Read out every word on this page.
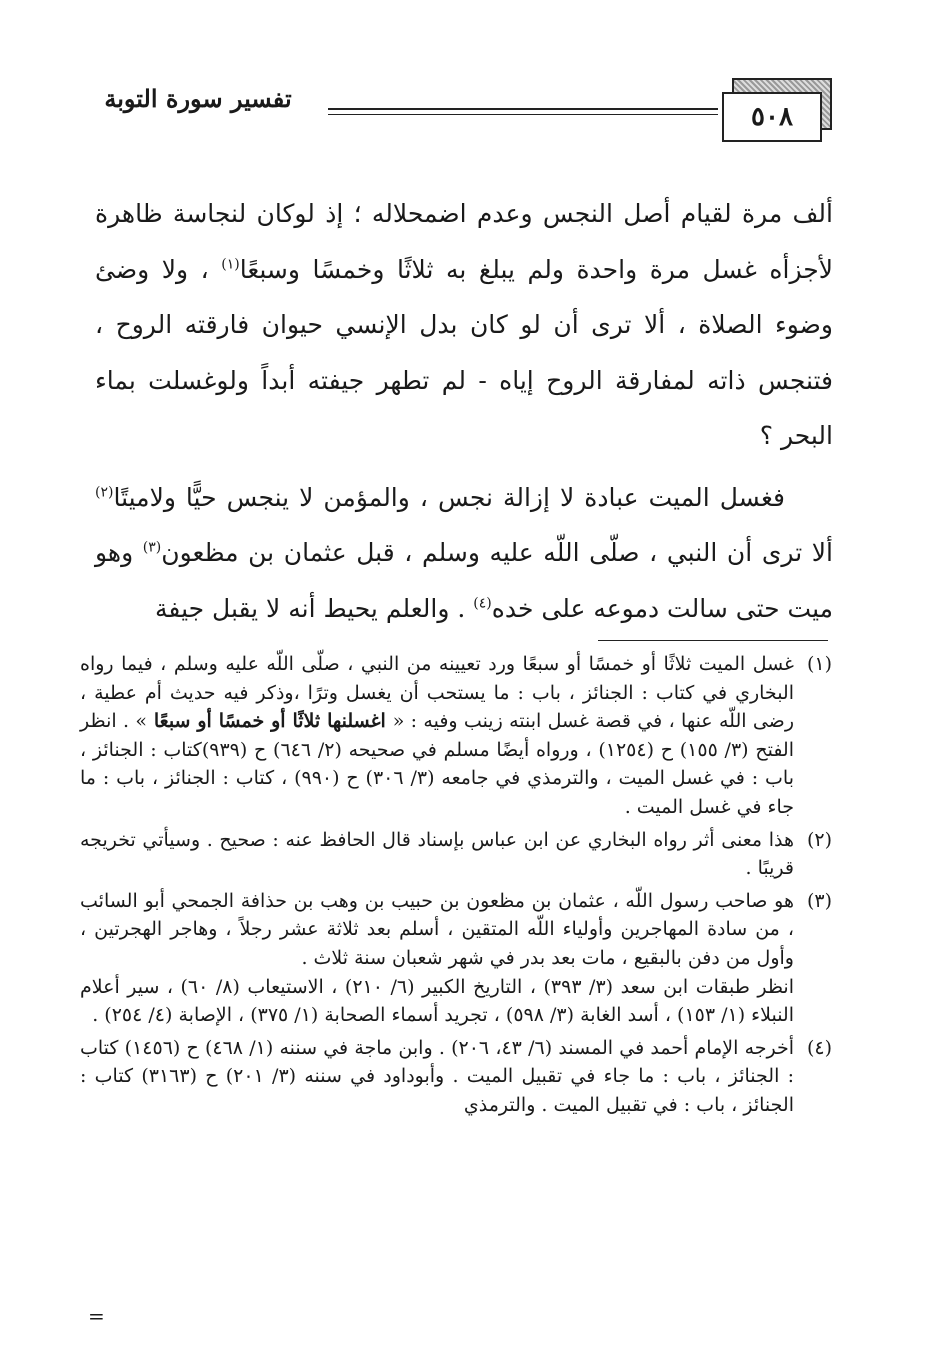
٥٠٨
تفسير سورة التوبة

ألف مرة لقيام أصل النجس وعدم اضمحلاله ؛ إذ لوكان لنجاسة ظاهرة لأجزأه غسل مرة واحدة ولم يبلغ به ثلاثًا وخمسًا وسبعًا$^{(١)}$ ، ولا وضئ وضوء الصلاة ، ألا ترى أن لو كان بدل الإنسي حيوان فارقته الروح ، فتنجس ذاته لمفارقة الروح إياه - لم تطهر جيفته أبداً ولوغسلت بماء البحر ؟

فغسل الميت عبادة لا إزالة نجس ، والمؤمن لا ينجس حيًّا ولاميتًا$^{(٢)}$ ألا ترى أن النبي ، صلّى اللّه عليه وسلم ، قبل عثمان بن مظعون$^{(٣)}$ وهو ميت حتى سالت دموعه على خده$^{(٤)}$ . والعلم يحيط أنه لا يقبل جيفة

(١)غسل الميت ثلاثًا أو خمسًا أو سبعًا ورد تعيينه من النبي ، صلّى اللّه عليه وسلم ، فيما رواه البخاري في كتاب : الجنائز ، باب : ما يستحب أن يغسل وترًا ،وذكر فيه حديث أم عطية ، رضى اللّه عنها ، في قصة غسل ابنته زينب وفيه : « اغسلنها ثلاثًا أو خمسًا أو سبعًا » . انظر الفتح (٣/ ١٥٥) ح (١٢٥٤) ، ورواه أيضًا مسلم في صحيحه (٢/ ٦٤٦) ح (٩٣٩)كتاب : الجنائز ، باب : في غسل الميت ، والترمذي في جامعه (٣/ ٣٠٦) ح (٩٩٠) ، كتاب : الجنائز ، باب : ما جاء في غسل الميت .

(٢)هذا معنى أثر رواه البخاري عن ابن عباس بإسناد قال الحافظ عنه : صحيح . وسيأتي تخريجه قريبًا .

(٣)هو صاحب رسول اللّه ، عثمان بن مظعون بن حبيب بن وهب بن حذافة الجمحي أبو السائب ، من سادة المهاجرين وأولياء اللّه المتقين ، أسلم بعد ثلاثة عشر رجلاً ، وهاجر الهجرتين ، وأول من دفن بالبقيع ، مات بعد بدر في شهر شعبان سنة ثلاث .
انظر طبقات ابن سعد (٣/ ٣٩٣) ، التاريخ الكبير (٦/ ٢١٠) ، الاستيعاب (٨/ ٦٠) ، سير أعلام النبلاء (١/ ١٥٣) ، أسد الغابة (٣/ ٥٩٨) ، تجريد أسماء الصحابة (١/ ٣٧٥) ، الإصابة (٤/ ٢٥٤) .

(٤)أخرجه الإمام أحمد في المسند (٦/ ٤٣، ٢٠٦) . وابن ماجة في سننه (١/ ٤٦٨) ح (١٤٥٦) كتاب : الجنائز ، باب : ما جاء في تقبيل الميت . وأبوداود في سننه (٣/ ٢٠١) ح (٣١٦٣) كتاب : الجنائز ، باب : في تقبيل الميت . والترمذي

=
